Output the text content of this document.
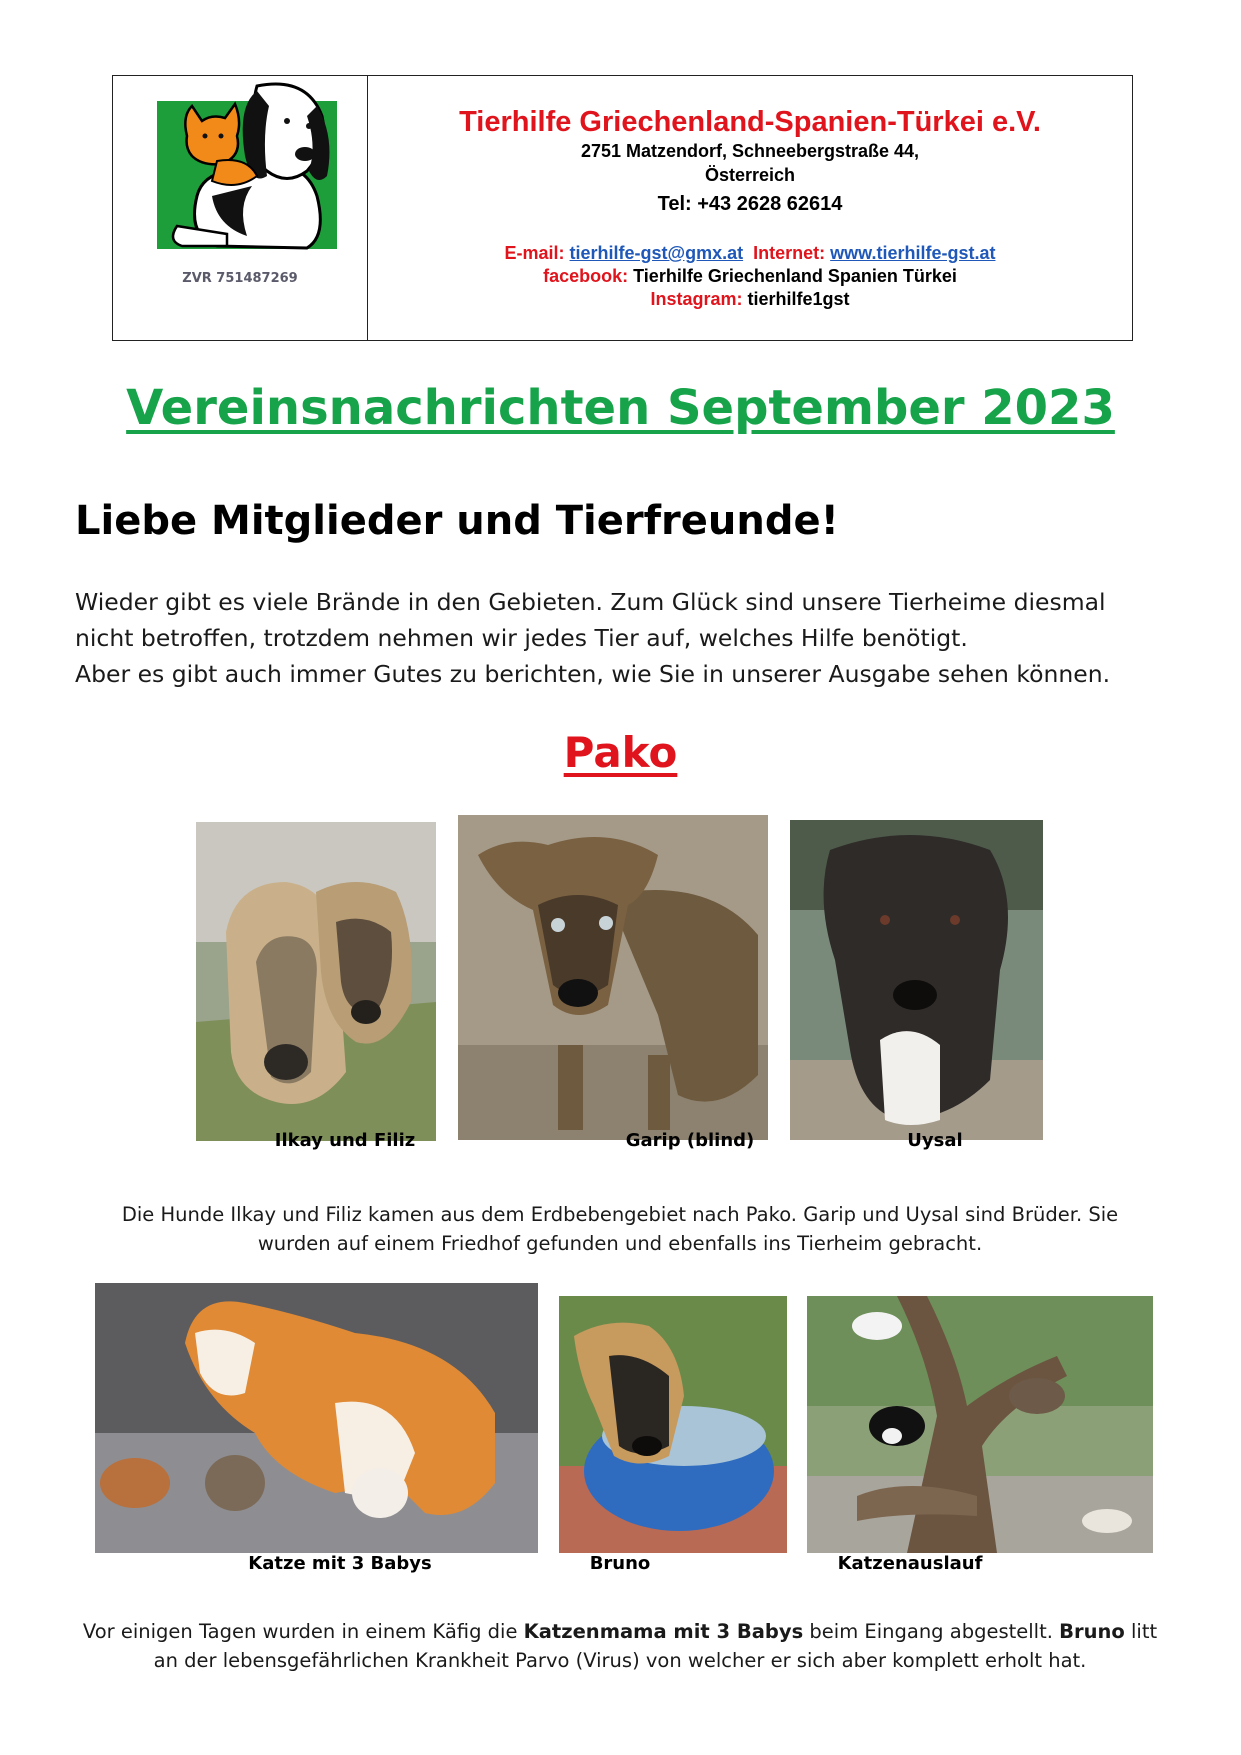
ZVR 751487269
Tierhilfe Griechenland-Spanien-Türkei e.V.
2751 Matzendorf, Schneebergstraße 44,
Österreich
Tel: +43 2628 62614
E-mail: tierhilfe-gst@gmx.at Internet: www.tierhilfe-gst.at
facebook: Tierhilfe Griechenland Spanien Türkei
Instagram: tierhilfe1gst
Vereinsnachrichten September 2023
Liebe Mitglieder und Tierfreunde!
Wieder gibt es viele Brände in den Gebieten. Zum Glück sind unsere Tierheime diesmal
nicht betroffen, trotzdem nehmen wir jedes Tier auf, welches Hilfe benötigt.
Aber es gibt auch immer Gutes zu berichten, wie Sie in unserer Ausgabe sehen können.
Pako
Ilkay und Filiz	Garip (blind)	Uysal
Die Hunde Ilkay und Filiz kamen aus dem Erdbebengebiet nach Pako. Garip und Uysal sind Brüder. Sie
wurden auf einem Friedhof gefunden und ebenfalls ins Tierheim gebracht.
Katze mit 3 Babys	Bruno	Katzenauslauf
Vor einigen Tagen wurden in einem Käfig die Katzenmama mit 3 Babys beim Eingang abgestellt. Bruno litt
an der lebensgefährlichen Krankheit Parvo (Virus) von welcher er sich aber komplett erholt hat.
